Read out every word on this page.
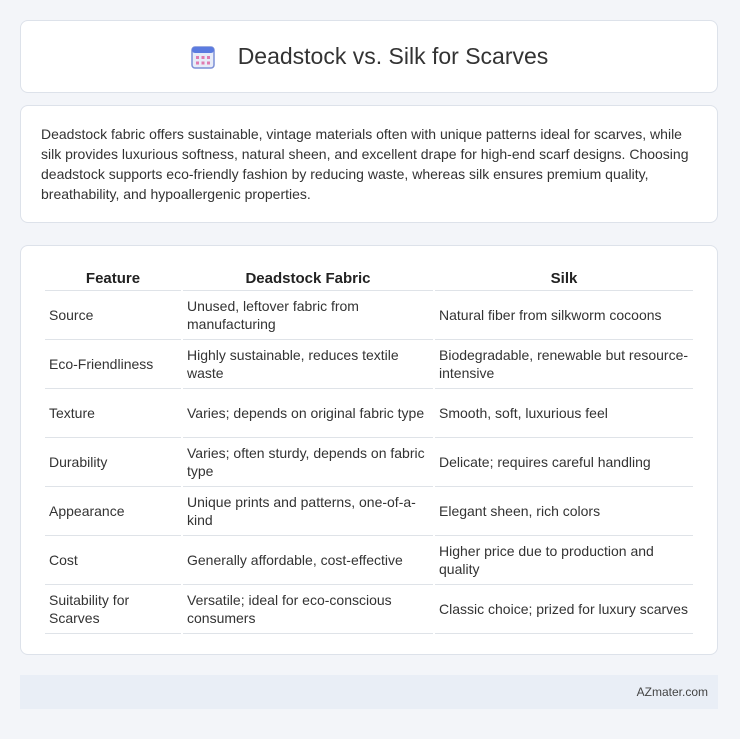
Deadstock vs. Silk for Scarves

Deadstock fabric offers sustainable, vintage materials often with unique patterns ideal for scarves, while silk provides luxurious softness, natural sheen, and excellent drape for high-end scarf designs. Choosing deadstock supports eco-friendly fashion by reducing waste, whereas silk ensures premium quality, breathability, and hypoallergenic properties.

Feature	Deadstock Fabric	Silk
Source	Unused, leftover fabric from manufacturing	Natural fiber from silkworm cocoons
Eco-Friendliness	Highly sustainable, reduces textile waste	Biodegradable, renewable but resource-intensive
Texture	Varies; depends on original fabric type	Smooth, soft, luxurious feel
Durability	Varies; often sturdy, depends on fabric type	Delicate; requires careful handling
Appearance	Unique prints and patterns, one-of-a-kind	Elegant sheen, rich colors
Cost	Generally affordable, cost-effective	Higher price due to production and quality
Suitability for Scarves	Versatile; ideal for eco-conscious consumers	Classic choice; prized for luxury scarves
AZmater.com
